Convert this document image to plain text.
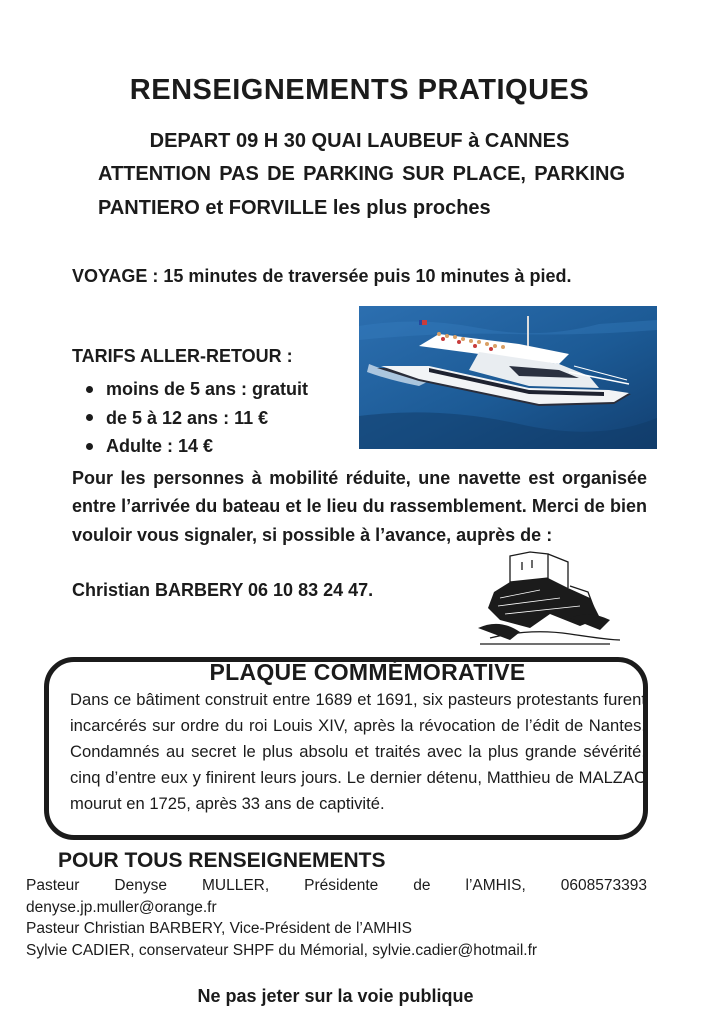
RENSEIGNEMENTS PRATIQUES
DEPART 09 H 30 QUAI LAUBEUF à CANNES
ATTENTION PAS DE PARKING SUR PLACE, PARKING PANTIERO et FORVILLE les plus proches
VOYAGE : 15 minutes de traversée puis 10 minutes à pied.
TARIFS ALLER-RETOUR :
moins de 5 ans : gratuit
de 5 à 12 ans : 11 €
Adulte : 14 €
Pour les personnes à mobilité réduite, une navette est organisée entre l’arrivée du bateau et le lieu du rassemblement. Merci de bien vouloir vous signaler, si possible à l’avance, auprès de :
Christian BARBERY 06 10 83 24 47.
PLAQUE COMMÉMORATIVE
Dans ce bâtiment construit entre 1689 et 1691, six pasteurs protestants furent incarcérés sur ordre du roi Louis XIV, après la révocation de l’édit de Nantes. Condamnés au secret le plus absolu et traités avec la plus grande sévérité, cinq d’entre eux y finirent leurs jours. Le dernier détenu, Matthieu de MALZAC mourut en 1725, après 33 ans de captivité.
POUR TOUS RENSEIGNEMENTS
Pasteur Denyse MULLER, Présidente de l’AMHIS, 0608573393
denyse.jp.muller@orange.fr
Pasteur Christian BARBERY, Vice-Président de l’AMHIS
Sylvie CADIER, conservateur SHPF du Mémorial, sylvie.cadier@hotmail.fr
Ne pas jeter sur la voie publique
